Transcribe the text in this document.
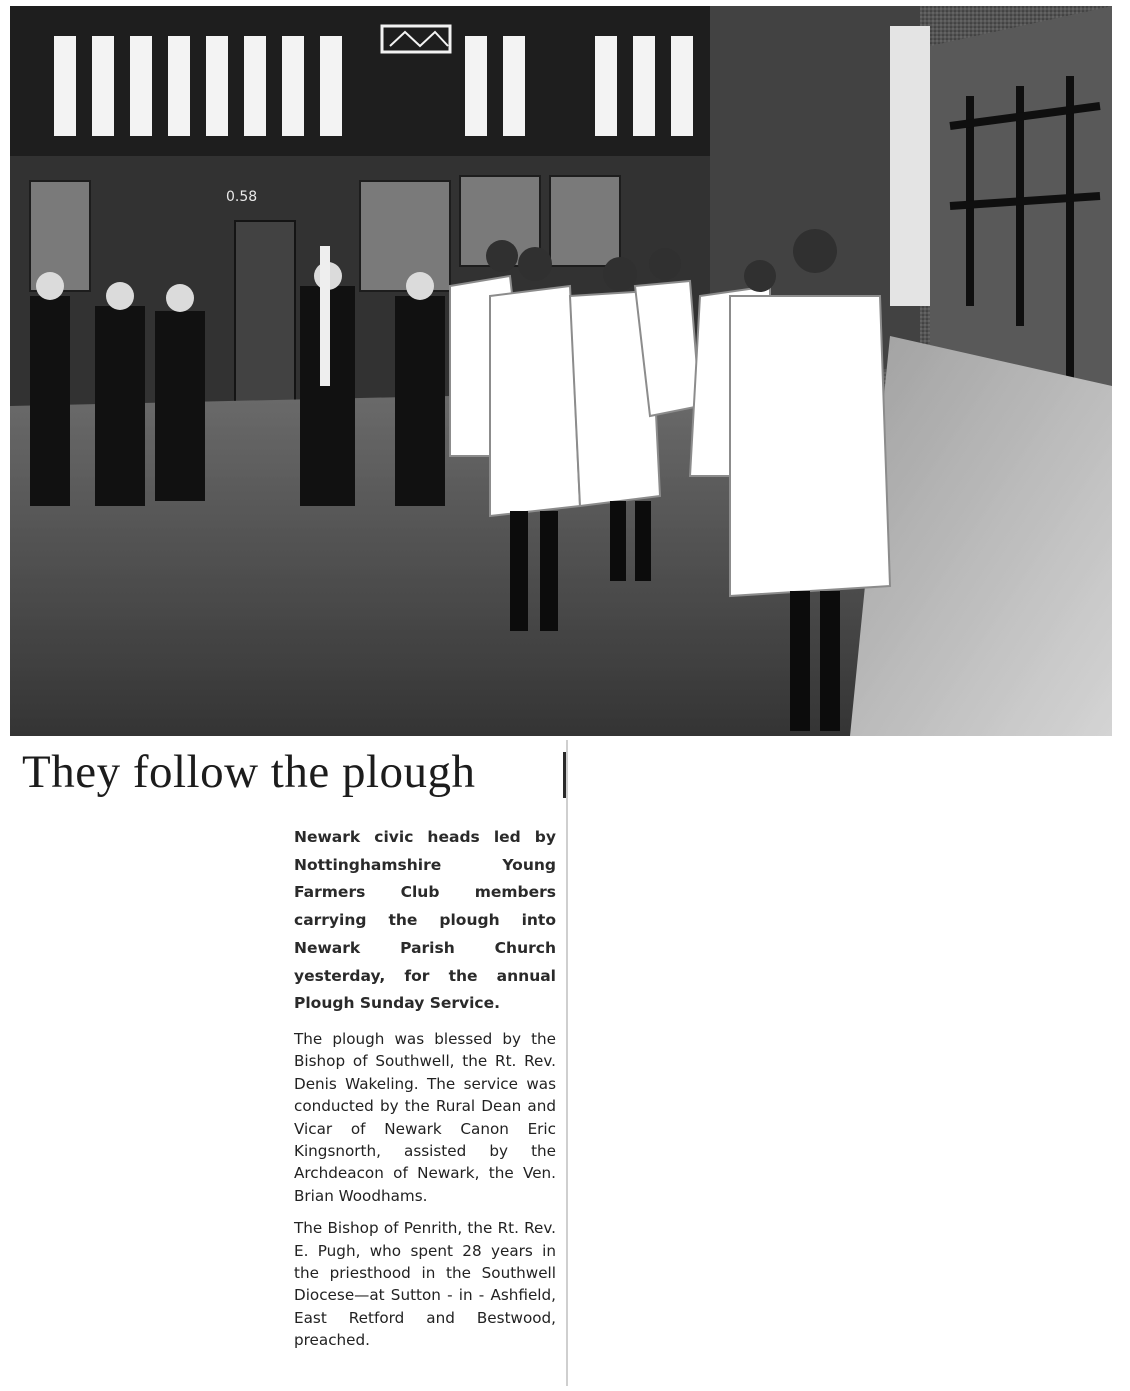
0.58
They follow the plough

Newark civic heads led by Nottinghamshire Young Farmers Club members carrying the plough into Newark Parish Church yesterday, for the annual Plough Sunday Service.

The plough was blessed by the Bishop of Southwell, the Rt. Rev. Denis Wakeling. The service was conducted by the Rural Dean and Vicar of Newark Canon Eric Kingsnorth, assisted by the Archdeacon of Newark, the Ven. Brian Woodhams.

The Bishop of Penrith, the Rt. Rev. E. Pugh, who spent 28 years in the priesthood in the Southwell Diocese—at Sutton - in - Ashfield, East Retford and Bestwood, preached.
